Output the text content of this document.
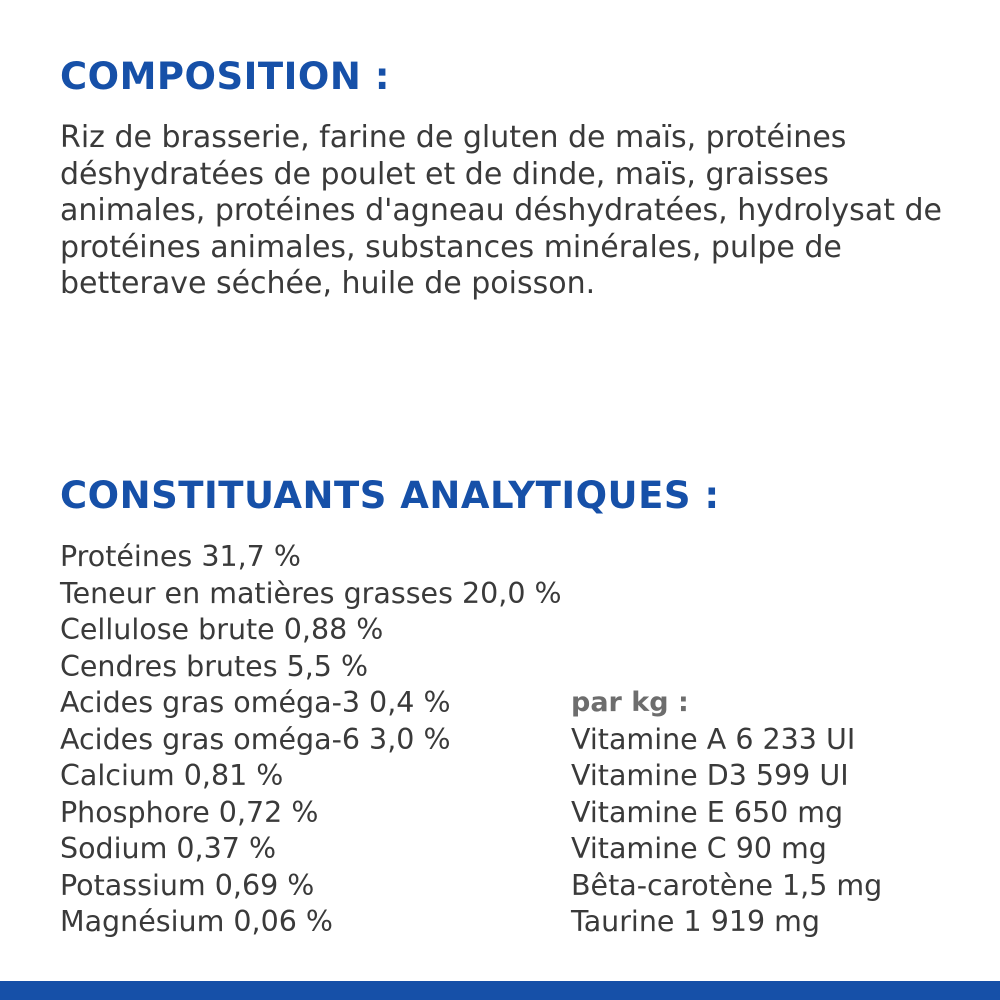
COMPOSITION :

Riz de brasserie, farine de gluten de maïs, protéines déshydratées de poulet et de dinde, maïs, graisses animales, protéines d'agneau déshydratées, hydrolysat de protéines animales, substances minérales, pulpe de betterave séchée, huile de poisson.

CONSTITUANTS ANALYTIQUES :
Protéines 31,7 %
Teneur en matières grasses 20,0 %
Cellulose brute 0,88 %
Cendres brutes 5,5 %
Acides gras oméga-3 0,4 %
Acides gras oméga-6 3,0 %
Calcium 0,81 %
Phosphore 0,72 %
Sodium 0,37 %
Potassium 0,69 %
Magnésium 0,06 %
par kg :
Vitamine A 6 233 UI
Vitamine D3 599 UI
Vitamine E 650 mg
Vitamine C 90 mg
Bêta-carotène 1,5 mg
Taurine 1 919 mg
